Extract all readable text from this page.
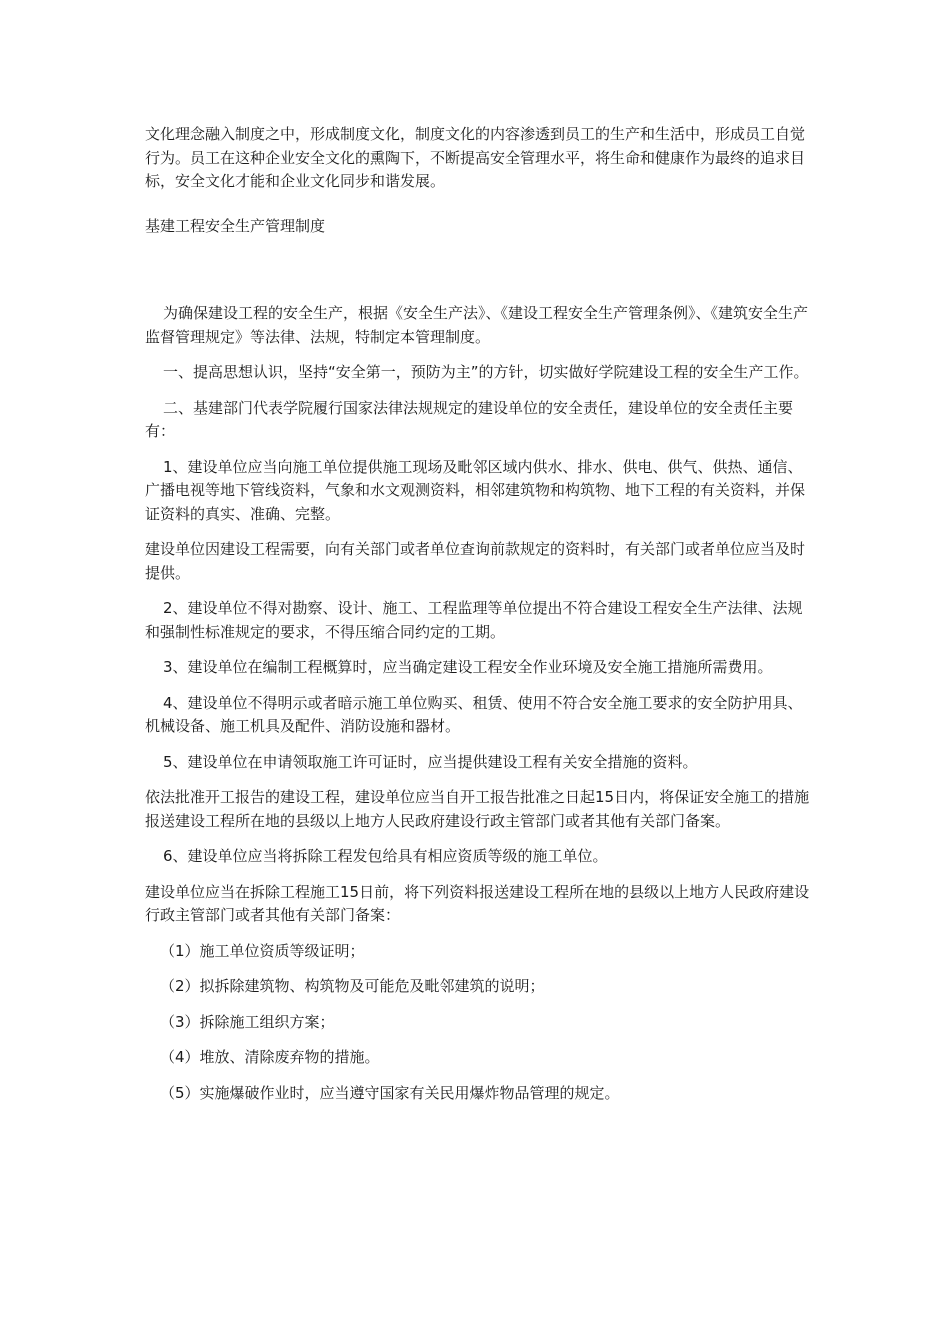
文化理念融入制度之中，形成制度文化，制度文化的内容渗透到员工的生产和生活中，形成员工自觉行为。员工在这种企业安全文化的熏陶下，不断提高安全管理水平，将生命和健康作为最终的追求目标，安全文化才能和企业文化同步和谐发展。

基建工程安全生产管理制度

为确保建设工程的安全生产，根据《安全生产法》、《建设工程安全生产管理条例》、《建筑安全生产监督管理规定》等法律、法规，特制定本管理制度。

一、提高思想认识，坚持“安全第一，预防为主”的方针，切实做好学院建设工程的安全生产工作。

二、基建部门代表学院履行国家法律法规规定的建设单位的安全责任，建设单位的安全责任主要有：

1、建设单位应当向施工单位提供施工现场及毗邻区域内供水、排水、供电、供气、供热、通信、广播电视等地下管线资料，气象和水文观测资料，相邻建筑物和构筑物、地下工程的有关资料，并保证资料的真实、准确、完整。

建设单位因建设工程需要，向有关部门或者单位查询前款规定的资料时，有关部门或者单位应当及时提供。

2、建设单位不得对勘察、设计、施工、工程监理等单位提出不符合建设工程安全生产法律、法规和强制性标准规定的要求，不得压缩合同约定的工期。

3、建设单位在编制工程概算时，应当确定建设工程安全作业环境及安全施工措施所需费用。

4、建设单位不得明示或者暗示施工单位购买、租赁、使用不符合安全施工要求的安全防护用具、机械设备、施工机具及配件、消防设施和器材。

5、建设单位在申请领取施工许可证时，应当提供建设工程有关安全措施的资料。

依法批准开工报告的建设工程，建设单位应当自开工报告批准之日起15日内，将保证安全施工的措施报送建设工程所在地的县级以上地方人民政府建设行政主管部门或者其他有关部门备案。

6、建设单位应当将拆除工程发包给具有相应资质等级的施工单位。

建设单位应当在拆除工程施工15日前，将下列资料报送建设工程所在地的县级以上地方人民政府建设行政主管部门或者其他有关部门备案：

（1）施工单位资质等级证明；

（2）拟拆除建筑物、构筑物及可能危及毗邻建筑的说明；

（3）拆除施工组织方案；

（4）堆放、清除废弃物的措施。

（5）实施爆破作业时，应当遵守国家有关民用爆炸物品管理的规定。
